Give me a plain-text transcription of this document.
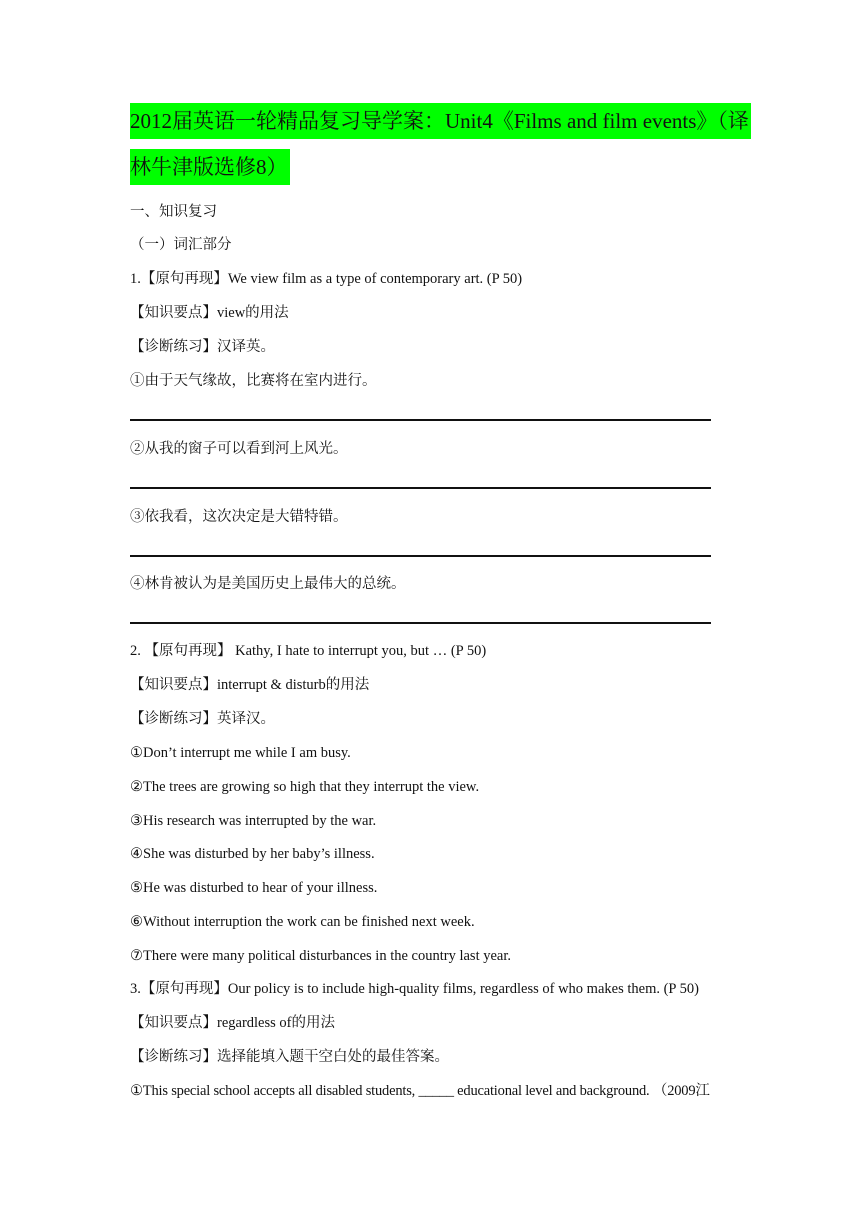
2012届英语一轮精品复习导学案：Unit4《Films and film events》（译
林牛津版选修8）
一、知识复习
（一）词汇部分
1.【原句再现】We view film as a type of contemporary art. (P 50)
【知识要点】view的用法
【诊断练习】汉译英。
①由于天气缘故，比赛将在室内进行。
②从我的窗子可以看到河上风光。
③依我看，这次决定是大错特错。
④林肯被认为是美国历史上最伟大的总统。
2. 【原句再现】 Kathy, I hate to interrupt you, but … (P 50)
【知识要点】interrupt & disturb的用法
【诊断练习】英译汉。
①Don’t interrupt me while I am busy.
②The trees are growing so high that they interrupt the view.
③His research was interrupted by the war.
④She was disturbed by her baby’s illness.
⑤He was disturbed to hear of your illness.
⑥Without interruption the work can be finished next week.
⑦There were many political disturbances in the country last year.
3.【原句再现】Our policy is to include high-quality films, regardless of who makes them. (P 50)
【知识要点】regardless of的用法
【诊断练习】选择能填入题干空白处的最佳答案。
①This special school accepts all disabled students, _____ educational level and background. （2009江
